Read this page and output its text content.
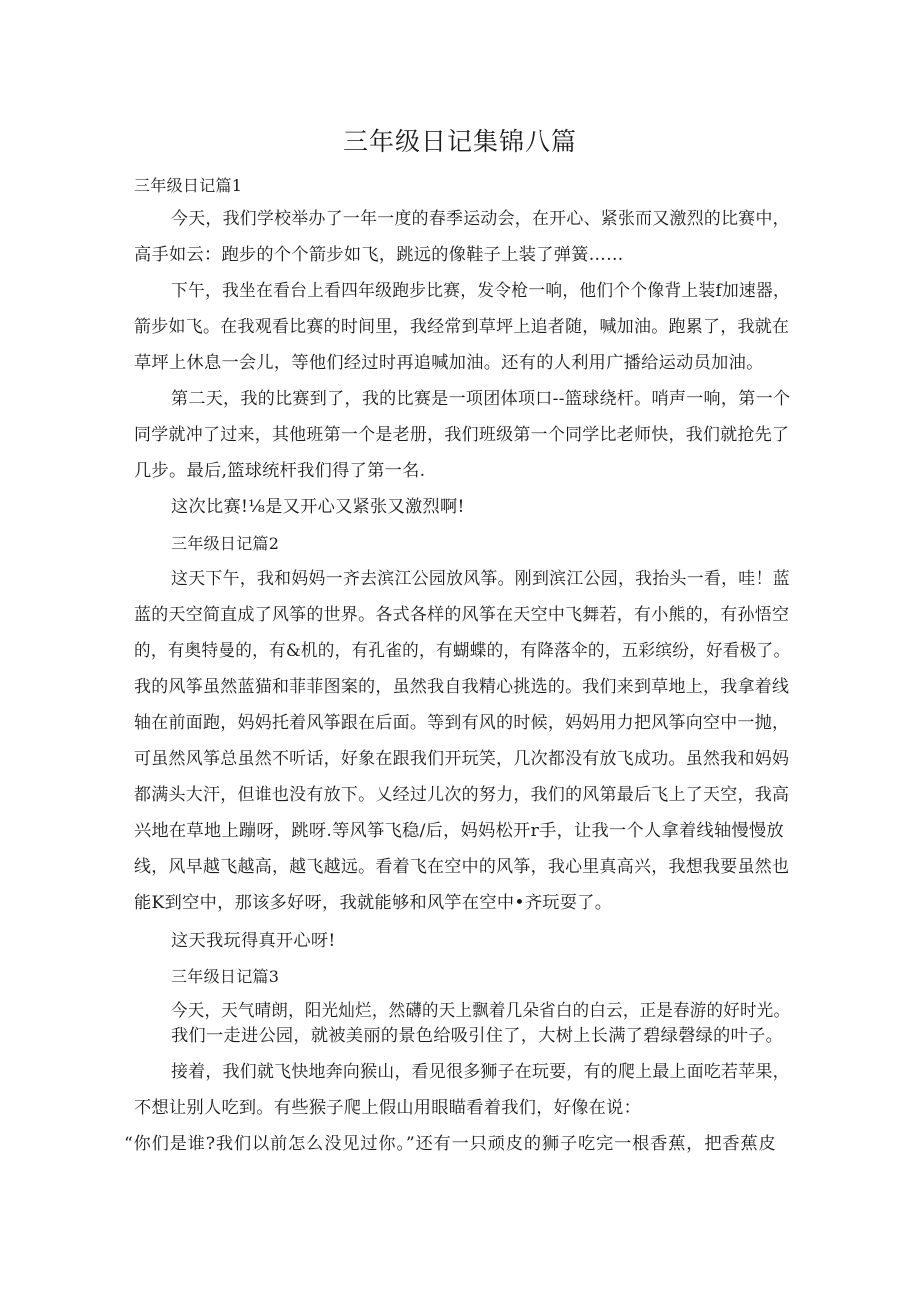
三年级日记集锦八篇
三年级日记篇1
今天，我们学校举办了一年一度的春季运动会，在开心、紧张而又激烈的比赛中，
高手如云：跑步的个个箭步如飞，跳远的像鞋子上装了弹簧……
下午，我坐在看台上看四年级跑步比赛，发令枪一响，他们个个像背上装f加速器，
箭步如飞。在我观看比赛的时间里，我经常到草坪上追者随，喊加油。跑累了，我就在
草坪上休息一会儿，等他们经过时再追喊加油。还有的人利用广播给运动员加油。
第二天，我的比赛到了，我的比赛是一项团体项口--篮球绕杆。哨声一响，第一个
同学就冲了过来，其他班第一个是老册，我们班级第一个同学比老师快，我们就抢先了
几步。最后,篮球统杆我们得了第一名.
这次比赛!⅛是又开心又紧张又激烈啊!
三年级日记篇2
这天下午，我和妈妈一齐去滨江公园放风筝。刚到滨江公园，我抬头一看，哇！蓝
蓝的天空简直成了风筝的世界。各式各样的风筝在天空中飞舞若，有小熊的，有孙悟空
的，有奥特曼的，有&机的，有孔雀的，有蝴蝶的，有降落伞的，五彩缤纷，好看极了。
我的风筝虽然蓝猫和菲菲图案的，虽然我自我精心挑选的。我们来到草地上，我拿着线
轴在前面跑，妈妈托着风筝跟在后面。等到有风的时候，妈妈用力把风筝向空中一抛，
可虽然风筝总虽然不听话，好象在跟我们开玩笑，几次都没有放飞成功。虽然我和妈妈
都满头大汗，但谁也没有放下。乂经过儿次的努力，我们的风第最后飞上了天空，我高
兴地在草地上蹦呀，跳呀.等风筝飞稳/后，妈妈松开r手，让我一个人拿着线轴慢慢放
线，风早越飞越高，越飞越远。看着飞在空中的风筝，我心里真高兴，我想我要虽然也
能K到空中，那该多好呀，我就能够和风竽在空中•齐玩耍了。
这天我玩得真开心呀!
三年级日记篇3
今天，天气晴朗，阳光灿烂，然礴的天上飘着几朵省白的白云，正是春游的好时光。
我们一走进公园，就被美丽的景色给吸引住了，大树上长满了碧绿磬绿的叶子。
接着，我们就飞快地奔向猴山，看见很多狮子在玩要，有的爬上最上面吃若苹果，
不想让别人吃到。有些猴子爬上假山用眼瞄看着我们，好像在说：
“你们是谁?我们以前怎么没见过你。”还有一只顽皮的狮子吃完一根香蕉，把香蕉皮
